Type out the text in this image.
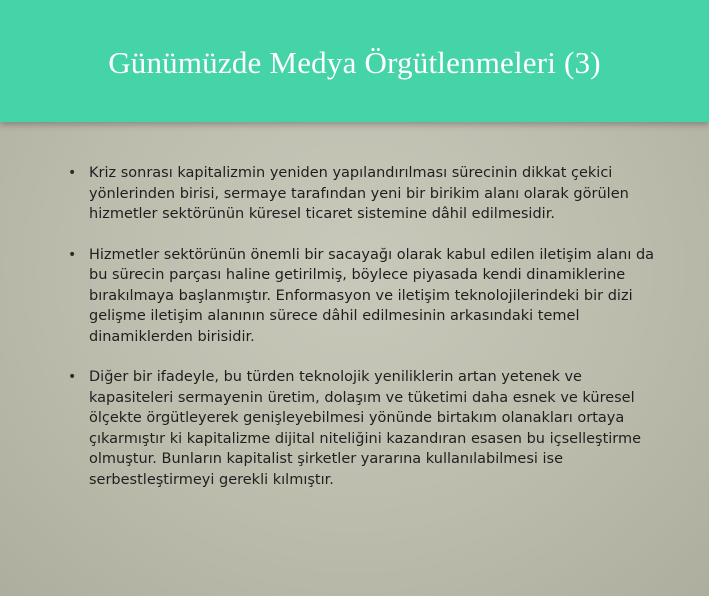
Günümüzde Medya Örgütlenmeleri (3)
• Kriz sonrası kapitalizmin yeniden yapılandırılması sürecinin dikkat çekici yönlerinden birisi, sermaye tarafından yeni bir birikim alanı olarak görülen hizmetler sektörünün küresel ticaret sistemine dâhil edilmesidir.
• Hizmetler sektörünün önemli bir sacayağı olarak kabul edilen iletişim alanı da bu sürecin parçası haline getirilmiş, böylece piyasada kendi dinamiklerine bırakılmaya başlanmıştır. Enformasyon ve iletişim teknolojilerindeki bir dizi gelişme iletişim alanının sürece dâhil edilmesinin arkasındaki temel dinamiklerden birisidir.
• Diğer bir ifadeyle, bu türden teknolojik yeniliklerin artan yetenek ve kapasiteleri sermayenin üretim, dolaşım ve tüketimi daha esnek ve küresel ölçekte örgütleyerek genişleyebilmesi yönünde birtakım olanakları ortaya çıkarmıştır ki kapitalizme dijital niteliğini kazandıran esasen bu içselleştirme olmuştur. Bunların kapitalist şirketler yararına kullanılabilmesi ise serbestleştirmeyi gerekli kılmıştır.
